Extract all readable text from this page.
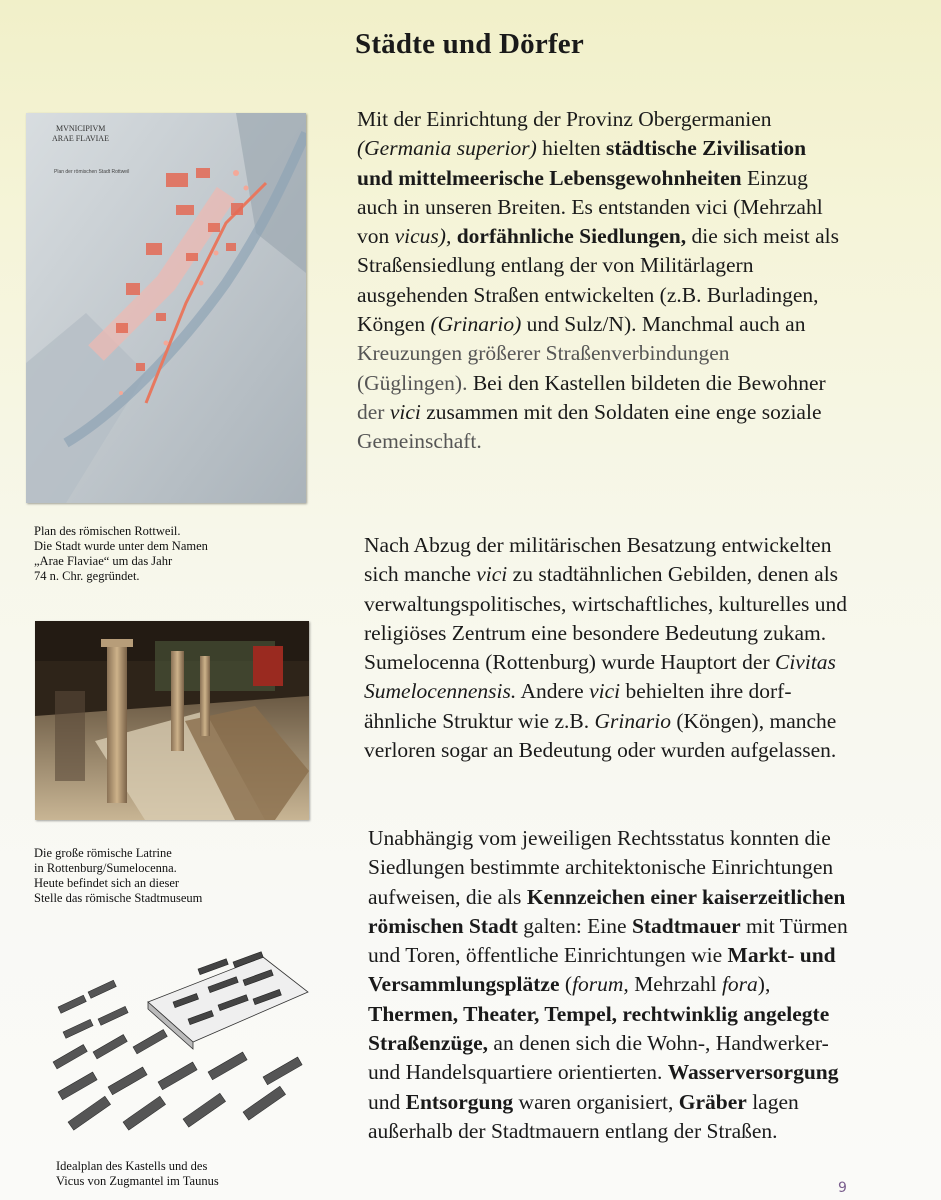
Städte und Dörfer
Mit der Einrichtung der Provinz Obergermanien
(Germania superior) hielten städtische Zivilisation
und mittelmeerische Lebensgewohnheiten Einzug
auch in unseren Breiten. Es entstanden vici (Mehrzahl
von vicus), dorfähnliche Siedlungen, die sich meist als
Straßensiedlung entlang der von Militärlagern
ausgehenden Straßen entwickelten (z.B. Burladingen,
Köngen (Grinario) und Sulz/N). Manchmal auch an
Kreuzungen größerer Straßenverbindungen
(Güglingen). Bei den Kastellen bildeten die Bewohner
der vici zusammen mit den Soldaten eine enge soziale
Gemeinschaft.
Nach Abzug der militärischen Besatzung entwickelten
sich manche vici zu stadtähnlichen Gebilden, denen als
verwaltungspolitisches, wirtschaftliches, kulturelles und
religiöses Zentrum eine besondere Bedeutung zukam.
Sumelocenna (Rottenburg) wurde Hauptort der Civitas
Sumelocennensis. Andere vici behielten ihre dorf-
ähnliche Struktur wie z.B. Grinario (Köngen), manche
verloren sogar an Bedeutung oder wurden aufgelassen.
Unabhängig vom jeweiligen Rechtsstatus konnten die
Siedlungen bestimmte architektonische Einrichtungen
aufweisen, die als Kennzeichen einer kaiserzeitlichen
römischen Stadt galten: Eine Stadtmauer mit Türmen
und Toren, öffentliche Einrichtungen wie Markt- und
Versammlungsplätze (forum, Mehrzahl fora),
Thermen, Theater, Tempel, rechtwinklig angelegte
Straßenzüge, an denen sich die Wohn-, Handwerker-
und Handelsquartiere orientierten. Wasserversorgung
und Entsorgung waren organisiert, Gräber lagen
außerhalb der Stadtmauern entlang der Straßen.
MVNICIPIVM
ARAE FLAVIAE
Plan der römischen Stadt Rottweil
Plan des römischen Rottweil.
Die Stadt wurde unter dem Namen
„Arae Flaviae“ um das Jahr
74 n. Chr. gegründet.
Die große römische Latrine
in Rottenburg/Sumelocenna.
Heute befindet sich an dieser
Stelle das römische Stadtmuseum
Idealplan des Kastells und des
Vicus von Zugmantel im Taunus	9
